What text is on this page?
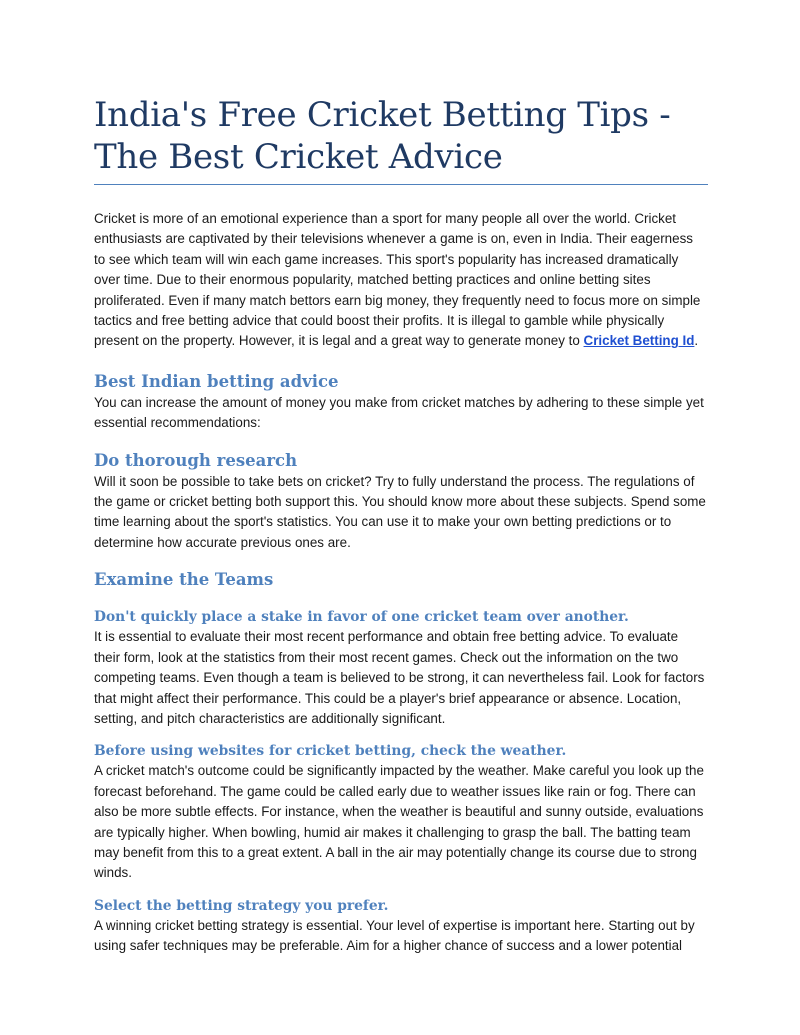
India's Free Cricket Betting Tips - The Best Cricket Advice

Cricket is more of an emotional experience than a sport for many people all over the world. Cricket enthusiasts are captivated by their televisions whenever a game is on, even in India. Their eagerness to see which team will win each game increases. This sport's popularity has increased dramatically over time. Due to their enormous popularity, matched betting practices and online betting sites proliferated. Even if many match bettors earn big money, they frequently need to focus more on simple tactics and free betting advice that could boost their profits. It is illegal to gamble while physically present on the property. However, it is legal and a great way to generate money to Cricket Betting Id.

Best Indian betting advice

You can increase the amount of money you make from cricket matches by adhering to these simple yet essential recommendations:

Do thorough research

Will it soon be possible to take bets on cricket? Try to fully understand the process. The regulations of the game or cricket betting both support this. You should know more about these subjects. Spend some time learning about the sport's statistics. You can use it to make your own betting predictions or to determine how accurate previous ones are.

Examine the Teams
Don't quickly place a stake in favor of one cricket team over another.

It is essential to evaluate their most recent performance and obtain free betting advice. To evaluate their form, look at the statistics from their most recent games. Check out the information on the two competing teams. Even though a team is believed to be strong, it can nevertheless fail. Look for factors that might affect their performance. This could be a player's brief appearance or absence. Location, setting, and pitch characteristics are additionally significant.

Before using websites for cricket betting, check the weather.

A cricket match's outcome could be significantly impacted by the weather. Make careful you look up the forecast beforehand. The game could be called early due to weather issues like rain or fog. There can also be more subtle effects. For instance, when the weather is beautiful and sunny outside, evaluations are typically higher. When bowling, humid air makes it challenging to grasp the ball. The batting team may benefit from this to a great extent. A ball in the air may potentially change its course due to strong winds.

Select the betting strategy you prefer.

A winning cricket betting strategy is essential. Your level of expertise is important here. Starting out by using safer techniques may be preferable. Aim for a higher chance of success and a lower potential
